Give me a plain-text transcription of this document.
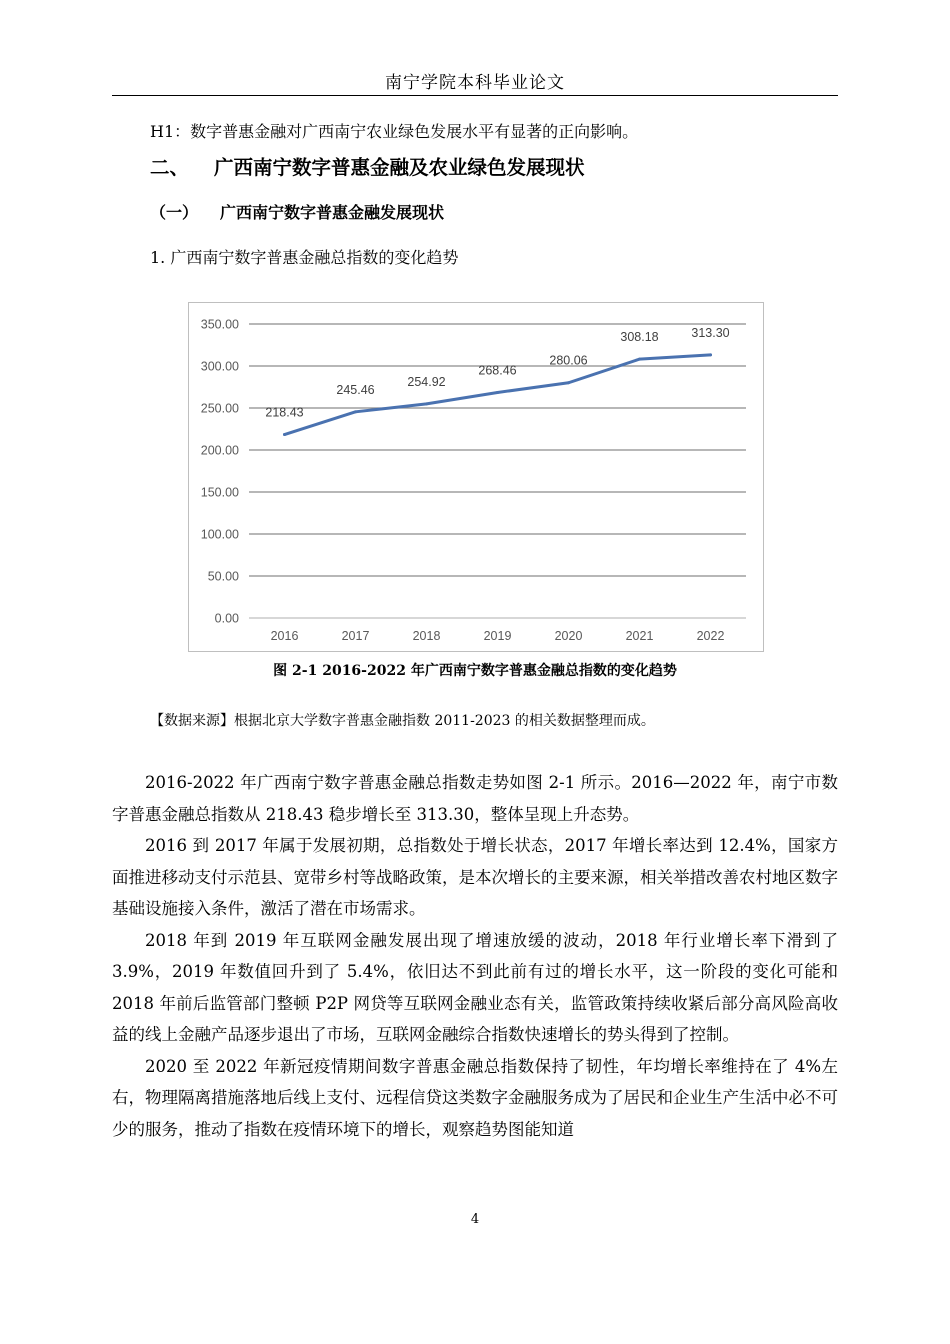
南宁学院本科毕业论文
H1：数字普惠金融对广西南宁农业绿色发展水平有显著的正向影响。
二、 广西南宁数字普惠金融及农业绿色发展现状
（一） 广西南宁数字普惠金融发展现状
1. 广西南宁数字普惠金融总指数的变化趋势
0.00
50.00
100.00
150.00
200.00
250.00
300.00
350.00
2016	2017	2018	2019	2020	2021	2022
218.43
245.46
254.92
268.46
280.06
308.18	313.30
图 2-1 2016-2022 年广西南宁数字普惠金融总指数的变化趋势
【数据来源】根据北京大学数字普惠金融指数 2011-2023 的相关数据整理而成。

2016-2022 年广西南宁数字普惠金融总指数走势如图 2-1 所示。2016—2022 年，南宁市数字普惠金融总指数从 218.43 稳步增长至 313.30，整体呈现上升态势。

2016 到 2017 年属于发展初期，总指数处于增长状态，2017 年增长率达到 12.4%，国家方面推进移动支付示范县、宽带乡村等战略政策，是本次增长的主要来源，相关举措改善农村地区数字基础设施接入条件，激活了潜在市场需求。

2018 年到 2019 年互联网金融发展出现了增速放缓的波动，2018 年行业增长率下滑到了 3.9%，2019 年数值回升到了 5.4%，依旧达不到此前有过的增长水平，这一阶段的变化可能和 2018 年前后监管部门整顿 P2P 网贷等互联网金融业态有关，监管政策持续收紧后部分高风险高收益的线上金融产品逐步退出了市场，互联网金融综合指数快速增长的势头得到了控制。

2020 至 2022 年新冠疫情期间数字普惠金融总指数保持了韧性，年均增长率维持在了 4%左右，物理隔离措施落地后线上支付、远程信贷这类数字金融服务成为了居民和企业生产生活中必不可少的服务，推动了指数在疫情环境下的增长，观察趋势图能知道

4
